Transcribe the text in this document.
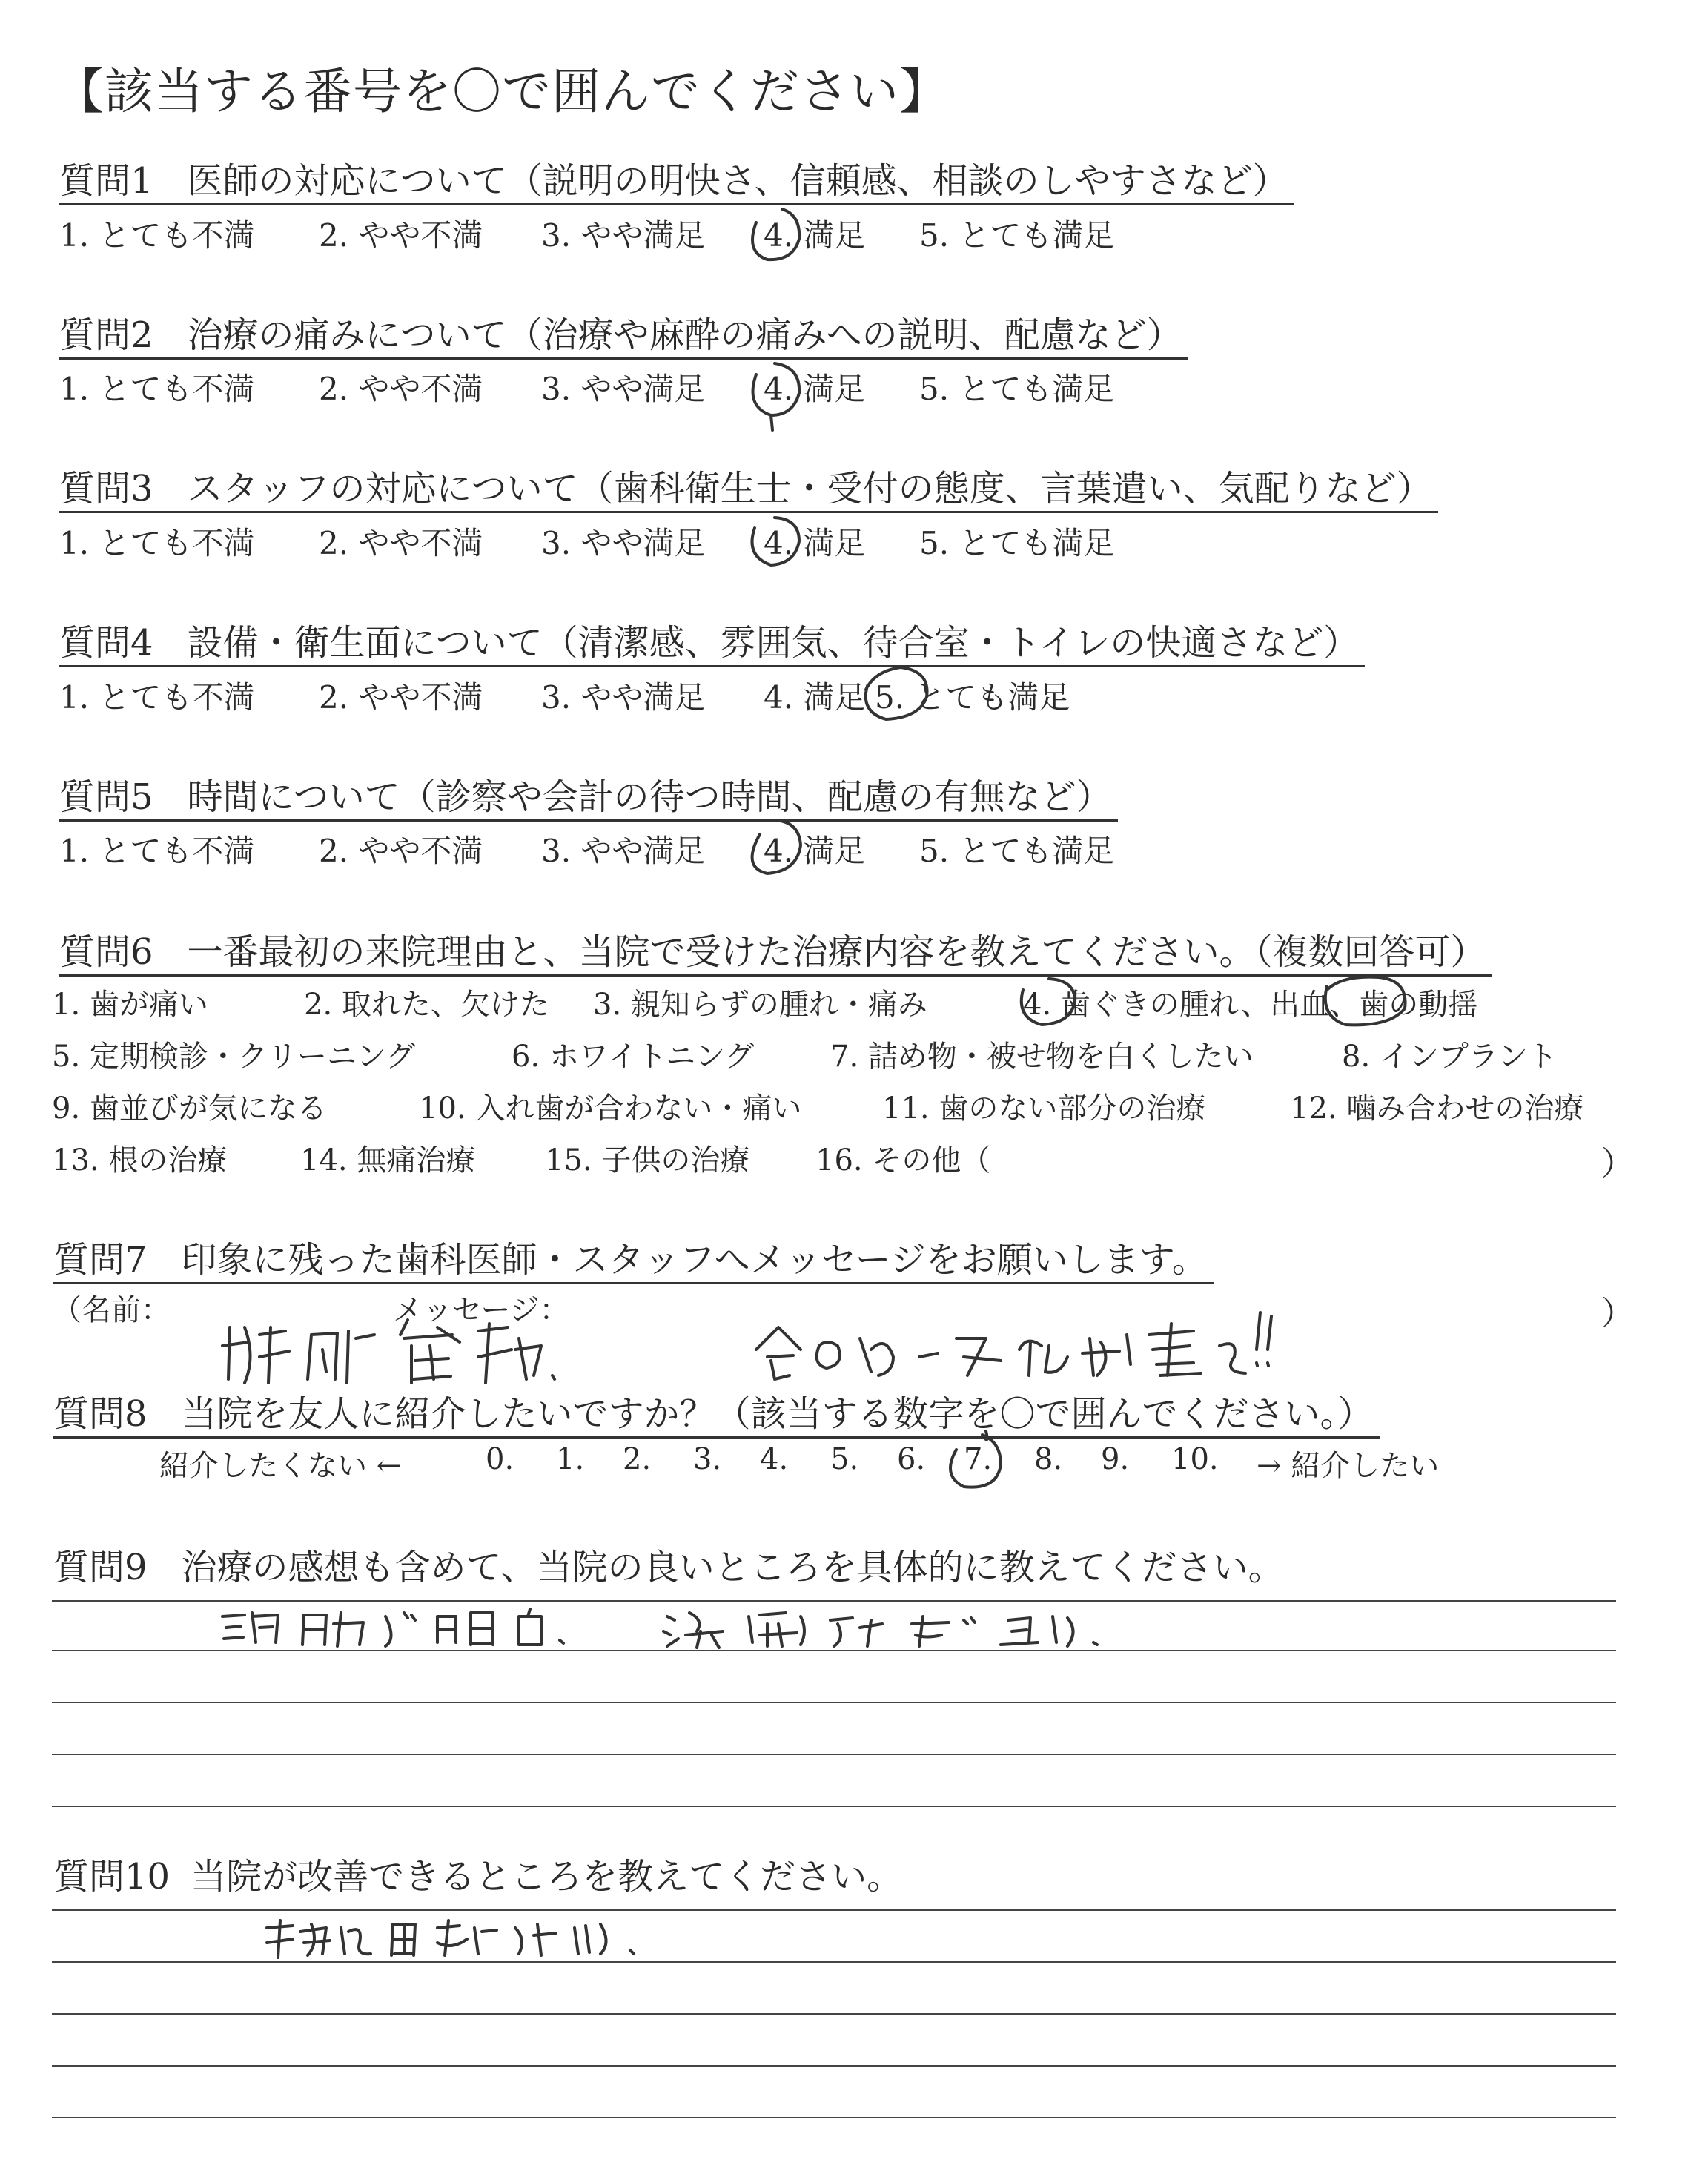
【該当する番号を〇で囲んでください】
質問1 医師の対応について（説明の明快さ、信頼感、相談のしやすさなど）
1. とても不満 2. やや不満 3. やや満足 4. 満足 5. とても満足
質問2 治療の痛みについて（治療や麻酔の痛みへの説明、配慮など）
1. とても不満 2. やや不満 3. やや満足 4. 満足 5. とても満足
質問3 スタッフの対応について（歯科衛生士・受付の態度、言葉遣い、気配りなど）
1. とても不満 2. やや不満 3. やや満足 4. 満足 5. とても満足
質問4 設備・衛生面について（清潔感、雰囲気、待合室・トイレの快適さなど）
1. とても不満 2. やや不満 3. やや満足 4. 満足 5. とても満足
質問5 時間について（診察や会計の待つ時間、配慮の有無など）
1. とても不満 2. やや不満 3. やや満足 4. 満足 5. とても満足
質問6 一番最初の来院理由と、当院で受けた治療内容を教えてください。（複数回答可）
1. 歯が痛い	2. 取れた、欠けた 3. 親知らずの腫れ・痛み	4. 歯ぐきの腫れ、出血、歯の動揺
5. 定期検診・クリーニング	6. ホワイトニング	7. 詰め物・被せ物を白くしたい	8. インプラント
9. 歯並びが気になる	10. 入れ歯が合わない・痛い	11. 歯のない部分の治療	12. 噛み合わせの治療
13. 根の治療 14. 無痛治療 15. 子供の治療 16. その他（	）
質問7 印象に残った歯科医師・スタッフへメッセージをお願いします。
（名前：	メッセージ：	）
質問8 当院を友人に紹介したいですか？（該当する数字を〇で囲んでください。）
紹介したくない ←	0. 1. 2. 3. 4. 5. 6. 7. 8. 9. 10. → 紹介したい
質問9 治療の感想も含めて、当院の良いところを具体的に教えてください。
質問10 当院が改善できるところを教えてください。
